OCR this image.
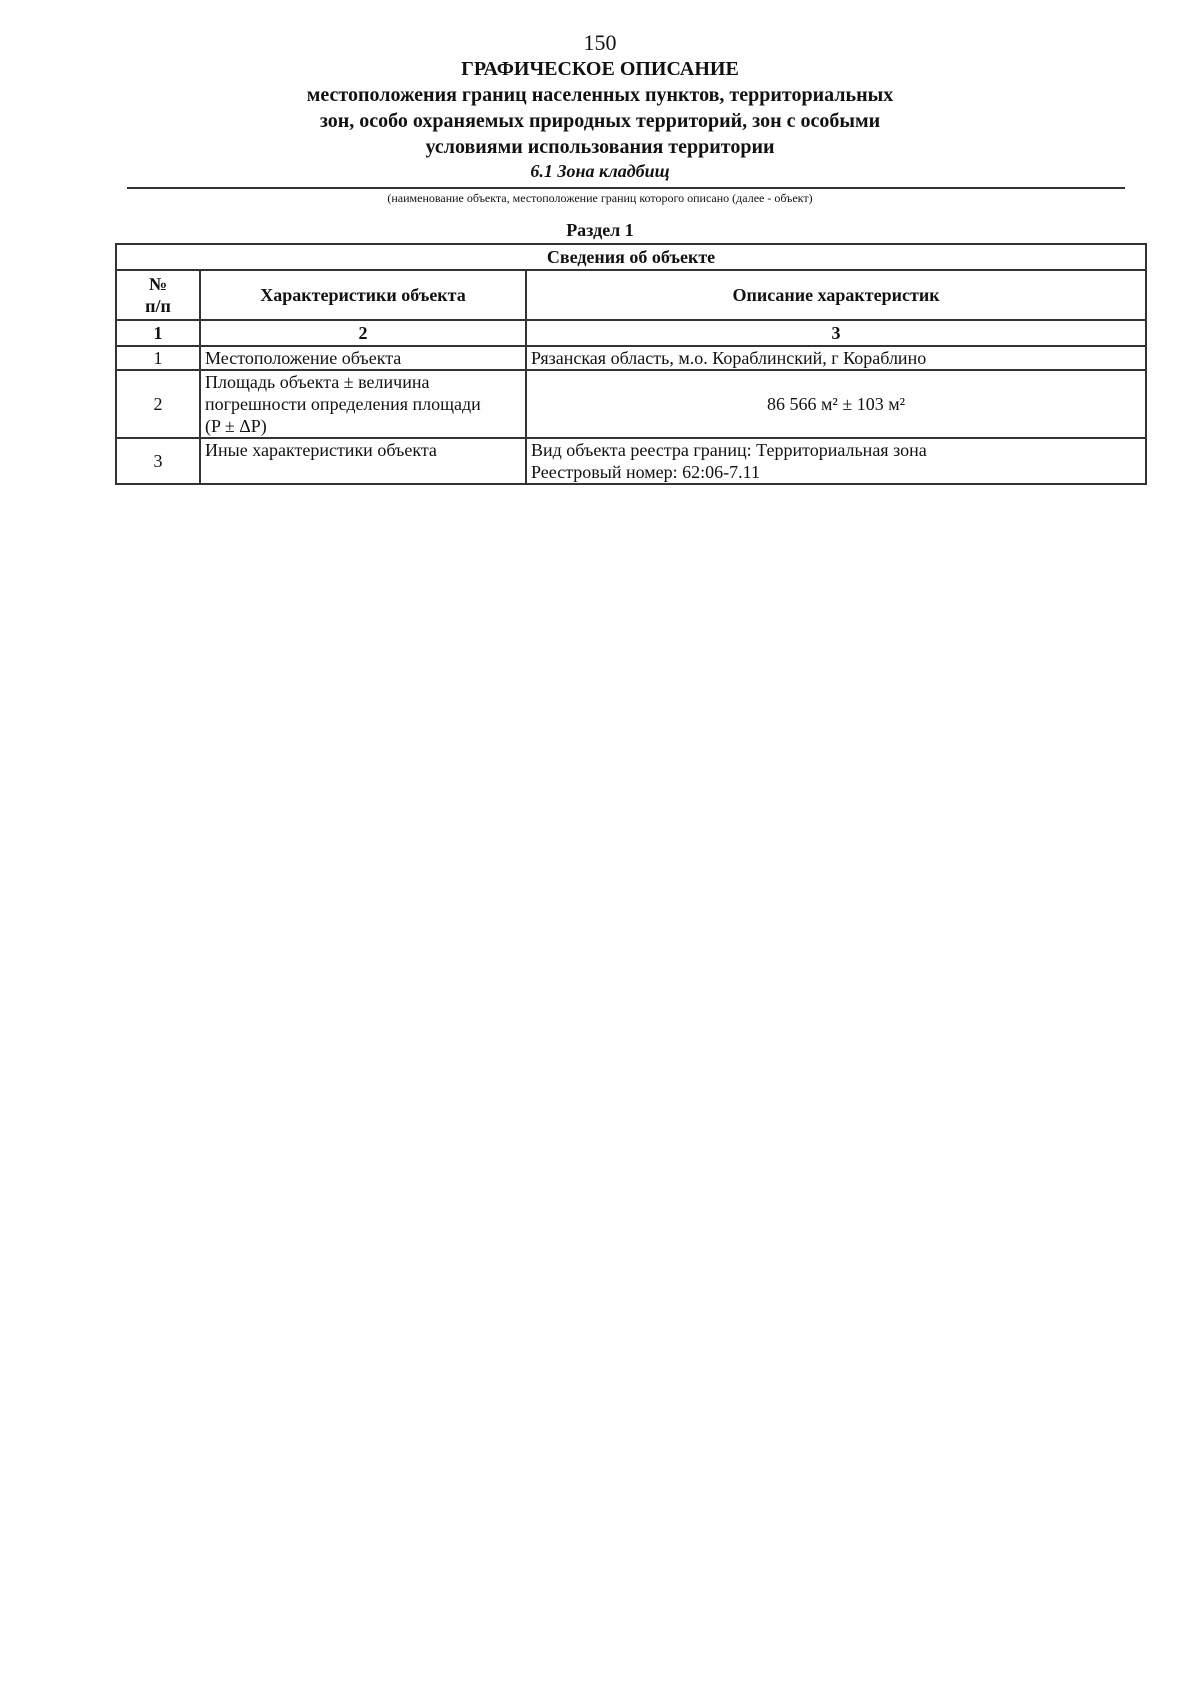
150
ГРАФИЧЕСКОЕ ОПИСАНИЕ
местоположения границ населенных пунктов, территориальных
зон, особо охраняемых природных территорий, зон с особыми
условиями использования территории
6.1 Зона кладбищ
(наименование объекта, местоположение границ которого описано (далее - объект)
Раздел 1
Сведения об объекте		

№
п/п	Характеристики объекта	Описание характеристик
1	2	3
1	Местоположение объекта	Рязанская область, м.о. Кораблинский, г Кораблино

2	Площадь объекта ± величина
погрешности определения площади
(P ± ΔP)	86 566 м² ± 103 м²

3	Иные характеристики объекта	Вид объекта реестра границ: Территориальная зона
Реестровый номер: 62:06-7.11
